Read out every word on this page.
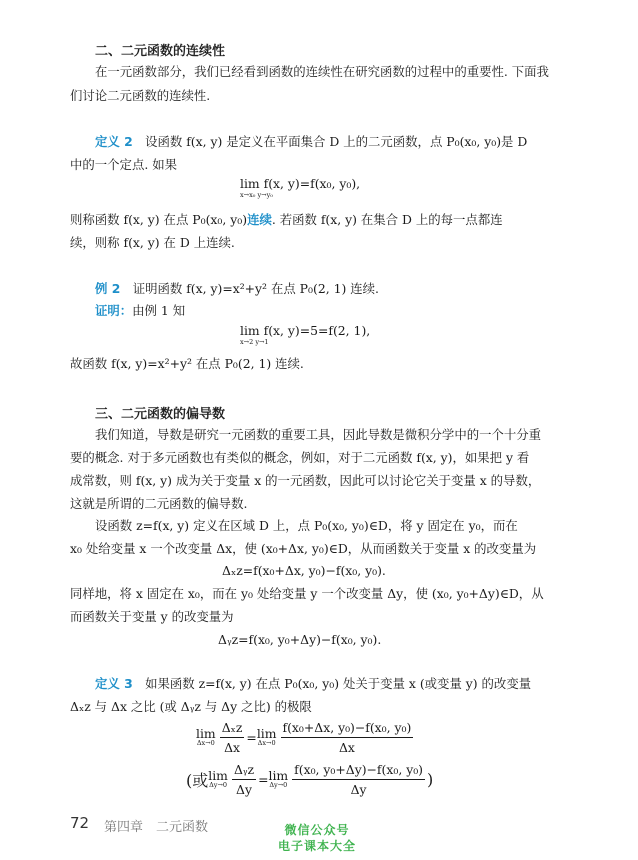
二、二元函数的连续性
在一元函数部分，我们已经看到函数的连续性在研究函数的过程中的重要性. 下面我
们讨论二元函数的连续性.
定义 2　 设函数 f(x, y) 是定义在平面集合 D 上的二元函数，点 P₀(x₀, y₀)是 D
中的一个定点. 如果
lim f(x, y)=f(x₀, y₀),
x→x₀ y→y₀
则称函数 f(x, y) 在点 P₀(x₀, y₀)连续. 若函数 f(x, y) 在集合 D 上的每一点都连
续，则称 f(x, y) 在 D 上连续.
例 2　 证明函数 f(x, y)=x²+y² 在点 P₀(2, 1) 连续.
证明：由例 1 知
lim f(x, y)=5=f(2, 1),
x→2 y→1
故函数 f(x, y)=x²+y² 在点 P₀(2, 1) 连续.
三、二元函数的偏导数
我们知道，导数是研究一元函数的重要工具，因此导数是微积分学中的一个十分重
要的概念. 对于多元函数也有类似的概念，例如，对于二元函数 f(x, y)，如果把 y 看
成常数，则 f(x, y) 成为关于变量 x 的一元函数，因此可以讨论它关于变量 x 的导数，
这就是所谓的二元函数的偏导数.
设函数 z=f(x, y) 定义在区域 D 上，点 P₀(x₀, y₀)∈D，将 y 固定在 y₀，而在
x₀ 处给变量 x 一个改变量 Δx，使 (x₀+Δx, y₀)∈D，从而函数关于变量 x 的改变量为
Δₓz=f(x₀+Δx, y₀)−f(x₀, y₀).
同样地，将 x 固定在 x₀，而在 y₀ 处给变量 y 一个改变量 Δy，使 (x₀, y₀+Δy)∈D，从
而函数关于变量 y 的改变量为
Δᵧz=f(x₀, y₀+Δy)−f(x₀, y₀).
定义 3　 如果函数 z=f(x, y) 在点 P₀(x₀, y₀) 处关于变量 x (或变量 y) 的改变量
Δₓz 与 Δx 之比 (或 Δᵧz 与 Δy 之比) 的极限
lim
$\Delta x\to 0 \frac{\text{Δₓz}}{\Delta x} = \lim$
$\Delta x\to 0 \frac{\text{f(x₀+Δx, y₀)−f(x₀, y₀)}}{\Delta x}$
(或 lim
$\Delta y\to 0 \frac{\text{Δᵧz}}{\Delta y} = \lim$
$\Delta y\to 0 \frac{\text{f(x₀, y₀+Δy)−f(x₀, y₀)}}{\Delta y}$ )
72 第四章　二元函数	微信公众号
电子课本大全
